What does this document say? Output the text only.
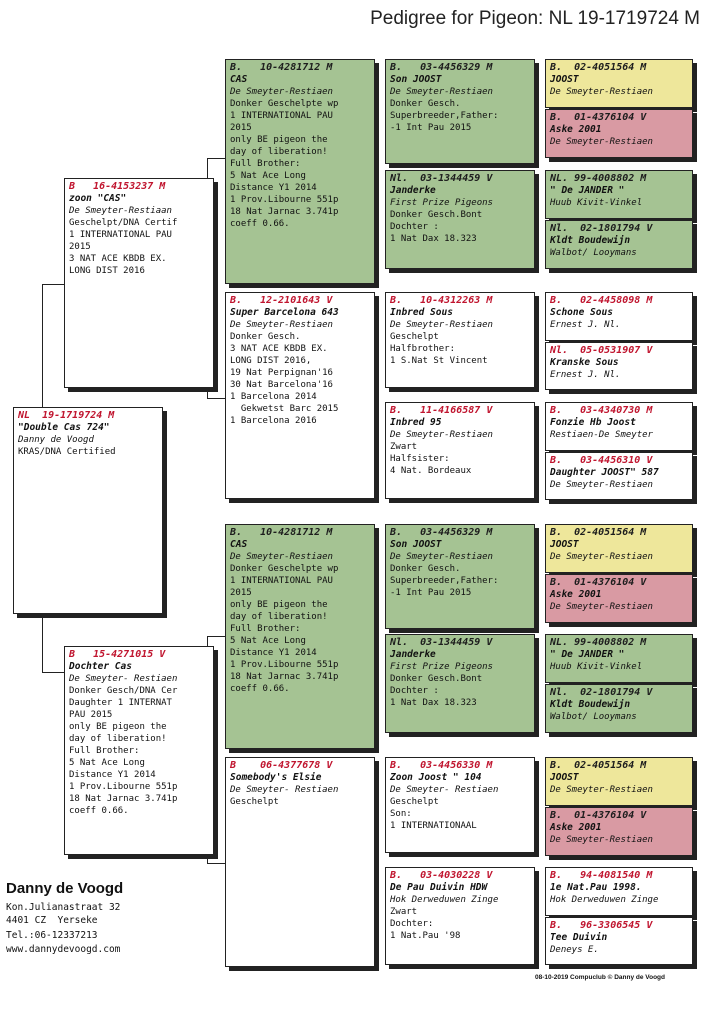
Pedigree for Pigeon: NL 19-1719724 M
NL  19-1719724 M
"Double Cas 724"
Danny de Voogd
KRAS/DNA Certified
B   16-4153237 M
zoon "CAS"
De Smeyter-Restiaan
Geschelpt/DNA Certif
1 INTERNATIONAL PAU
2015
3 NAT ACE KBDB EX.
LONG DIST 2016
B   15-4271015 V
Dochter Cas
De Smeyter- Restiaen
Donker Gesch/DNA Cer
Daughter 1 INTERNAT
PAU 2015
only BE pigeon the
day of liberation!
Full Brother:
5 Nat Ace Long
Distance Y1 2014
1 Prov.Libourne 551p
18 Nat Jarnac 3.741p
coeff 0.66.
B.   10-4281712 M
CAS
De Smeyter-Restiaen
Donker Geschelpte wp
1 INTERNATIONAL PAU
2015
only BE pigeon the
day of liberation!
Full Brother:
5 Nat Ace Long
Distance Y1 2014
1 Prov.Libourne 551p
18 Nat Jarnac 3.741p
coeff 0.66.
B.   12-2101643 V
Super Barcelona 643
De Smeyter-Restiaen
Donker Gesch.
3 NAT ACE KBDB EX.
LONG DIST 2016,
19 Nat Perpignan'16
30 Nat Barcelona'16
1 Barcelona 2014
Gekwetst Barc 2015
1 Barcelona 2016
B.   10-4281712 M
CAS
De Smeyter-Restiaen
Donker Geschelpte wp
1 INTERNATIONAL PAU
2015
only BE pigeon the
day of liberation!
Full Brother:
5 Nat Ace Long
Distance Y1 2014
1 Prov.Libourne 551p
18 Nat Jarnac 3.741p
coeff 0.66.
B    06-4377678 V
Somebody's Elsie
De Smeyter- Restiaen
Geschelpt
B.   03-4456329 M
Son JOOST
De Smeyter-Restiaen
Donker Gesch.
Superbreeder,Father:
-1 Int Pau 2015
Nl.  03-1344459 V
Janderke
First Prize Pigeons
Donker Gesch.Bont
Dochter :
1 Nat Dax 18.323
B.   10-4312263 M
Inbred Sous
De Smeyter-Restiaen
Geschelpt
Halfbrother:
1 S.Nat St Vincent
B.   11-4166587 V
Inbred 95
De Smeyter-Restiaen
Zwart
Halfsister:
4 Nat. Bordeaux
B.   03-4456329 M
Son JOOST
De Smeyter-Restiaen
Donker Gesch.
Superbreeder,Father:
-1 Int Pau 2015
Nl.  03-1344459 V
Janderke
First Prize Pigeons
Donker Gesch.Bont
Dochter :
1 Nat Dax 18.323
B.   03-4456330 M
Zoon Joost " 104
De Smeyter- Restiaen
Geschelpt
Son:
1 INTERNATIONAAL
B.   03-4030228 V
De Pau Duivin HDW
Hok Derweduwen Zinge
Zwart
Dochter:
1 Nat.Pau '98
B.  02-4051564 M
JOOST
De Smeyter-Restiaen
B.  01-4376104 V
Aske 2001
De Smeyter-Restiaen
NL. 99-4008802 M
" De JANDER "
Huub Kivit-Vinkel
Nl.  02-1801794 V
Kldt Boudewijn
Walbot/ Looymans
B.   02-4458098 M
Schone Sous
Ernest J. Nl.
Nl.  05-0531907 V
Kranske Sous
Ernest J. Nl.
B.   03-4340730 M
Fonzie Hb Joost
Restiaen-De Smeyter
B.   03-4456310 V
Daughter JOOST" 587
De Smeyter-Restiaen
B.  02-4051564 M
JOOST
De Smeyter-Restiaen
B.  01-4376104 V
Aske 2001
De Smeyter-Restiaen
NL. 99-4008802 M
" De JANDER "
Huub Kivit-Vinkel
Nl.  02-1801794 V
Kldt Boudewijn
Walbot/ Looymans
B.  02-4051564 M
JOOST
De Smeyter-Restiaen
B.  01-4376104 V
Aske 2001
De Smeyter-Restiaen
B.   94-4081540 M
1e Nat.Pau 1998.
Hok Derweduwen Zinge
B.   96-3306545 V
Tee Duivin
Deneys E.
Danny de Voogd
Kon.Julianastraat 32
4401 CZ  Yerseke
Tel.:06-12337213
www.dannydevoogd.com
08-10-2019 Compuclub © Danny de Voogd
